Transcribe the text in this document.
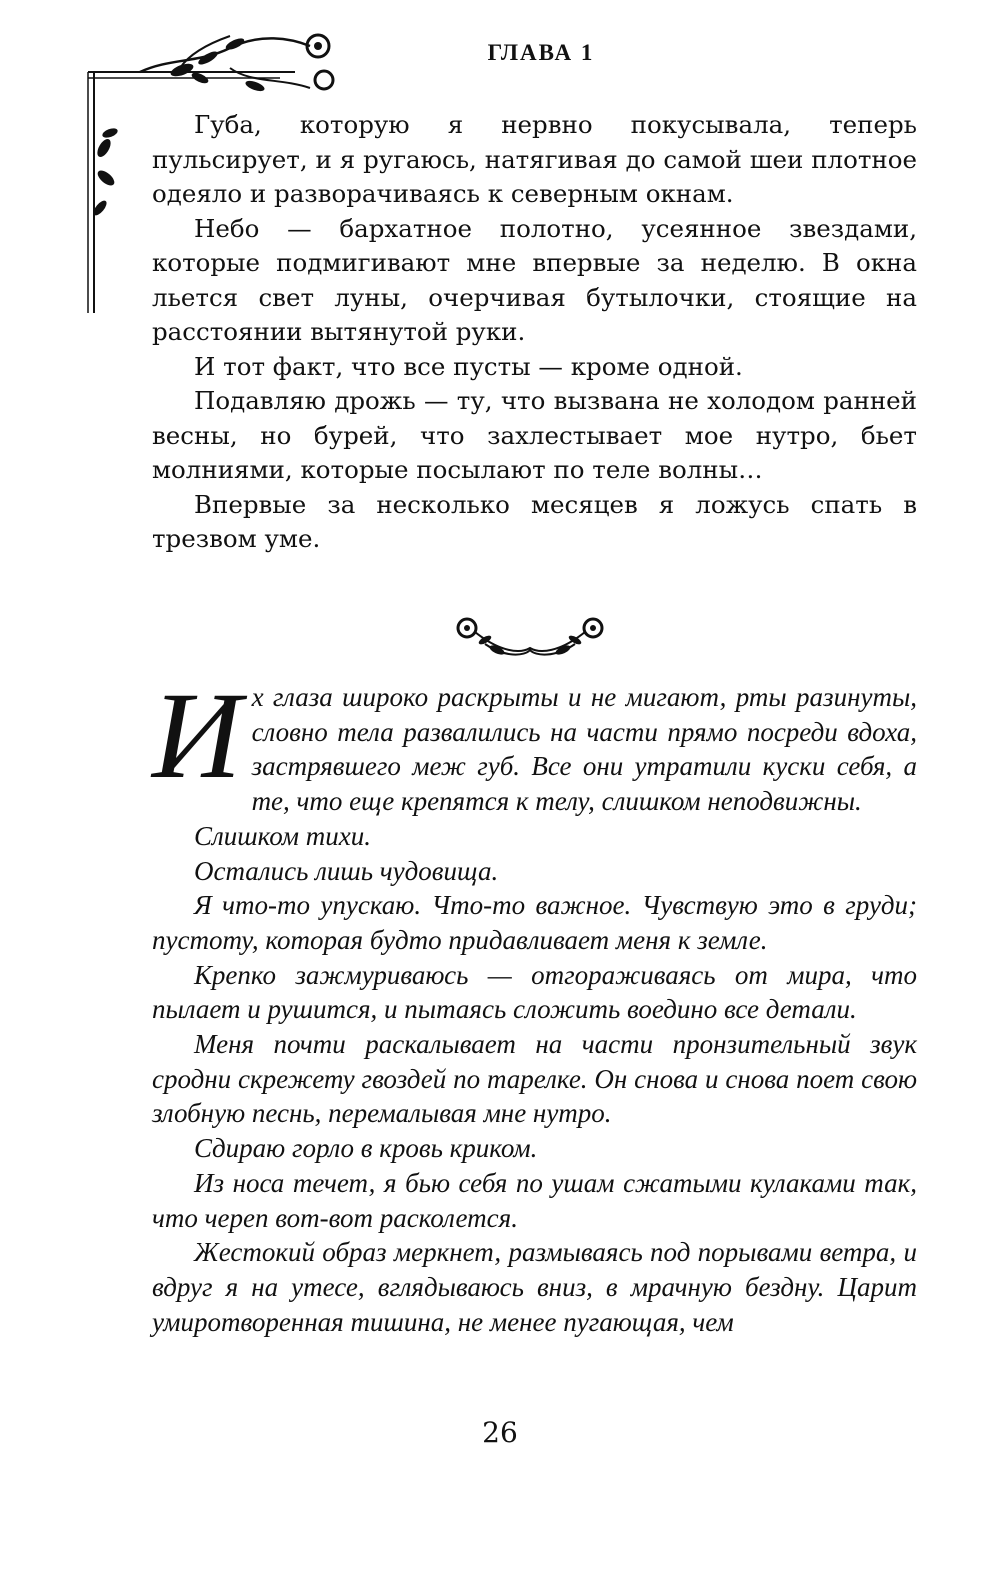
ГЛАВА 1

Губа, которую я нервно покусывала, теперь пульсирует, и я ругаюсь, натягивая до самой шеи плотное одеяло и разворачиваясь к северным окнам.

Небо — бархатное полотно, усеянное звездами, которые подмигивают мне впервые за неделю. В окна льется свет луны, очерчивая бутылочки, стоящие на расстоянии вытянутой руки.

И тот факт, что все пусты — кроме одной.

Подавляю дрожь — ту, что вызвана не холодом ранней весны, но бурей, что захлестывает мое нутро, бьет молниями, которые посылают по теле волны…

Впервые за несколько месяцев я ложусь спать в трезвом уме.

Их глаза широко раскрыты и не мигают, рты разинуты, словно тела развалились на части прямо посреди вдоха, застрявшего меж губ. Все они утратили куски себя, а те, что еще крепятся к телу, слишком неподвижны.

Слишком тихи.

Остались лишь чудовища.

Я что-то упускаю. Что-то важное. Чувствую это в груди; пустоту, которая будто придавливает меня к земле.

Крепко зажмуриваюсь — отгораживаясь от мира, что пылает и рушится, и пытаясь сложить воедино все детали.

Меня почти раскалывает на части пронзительный звук сродни скрежету гвоздей по тарелке. Он снова и снова поет свою злобную песнь, перемалывая мне нутро.

Сдираю горло в кровь криком.

Из носа течет, я бью себя по ушам сжатыми кулаками так, что череп вот-вот расколется.

Жестокий образ меркнет, размываясь под порывами ветра, и вдруг я на утесе, вглядываюсь вниз, в мрачную бездну. Царит умиротворенная тишина, не менее пугающая, чем

26
